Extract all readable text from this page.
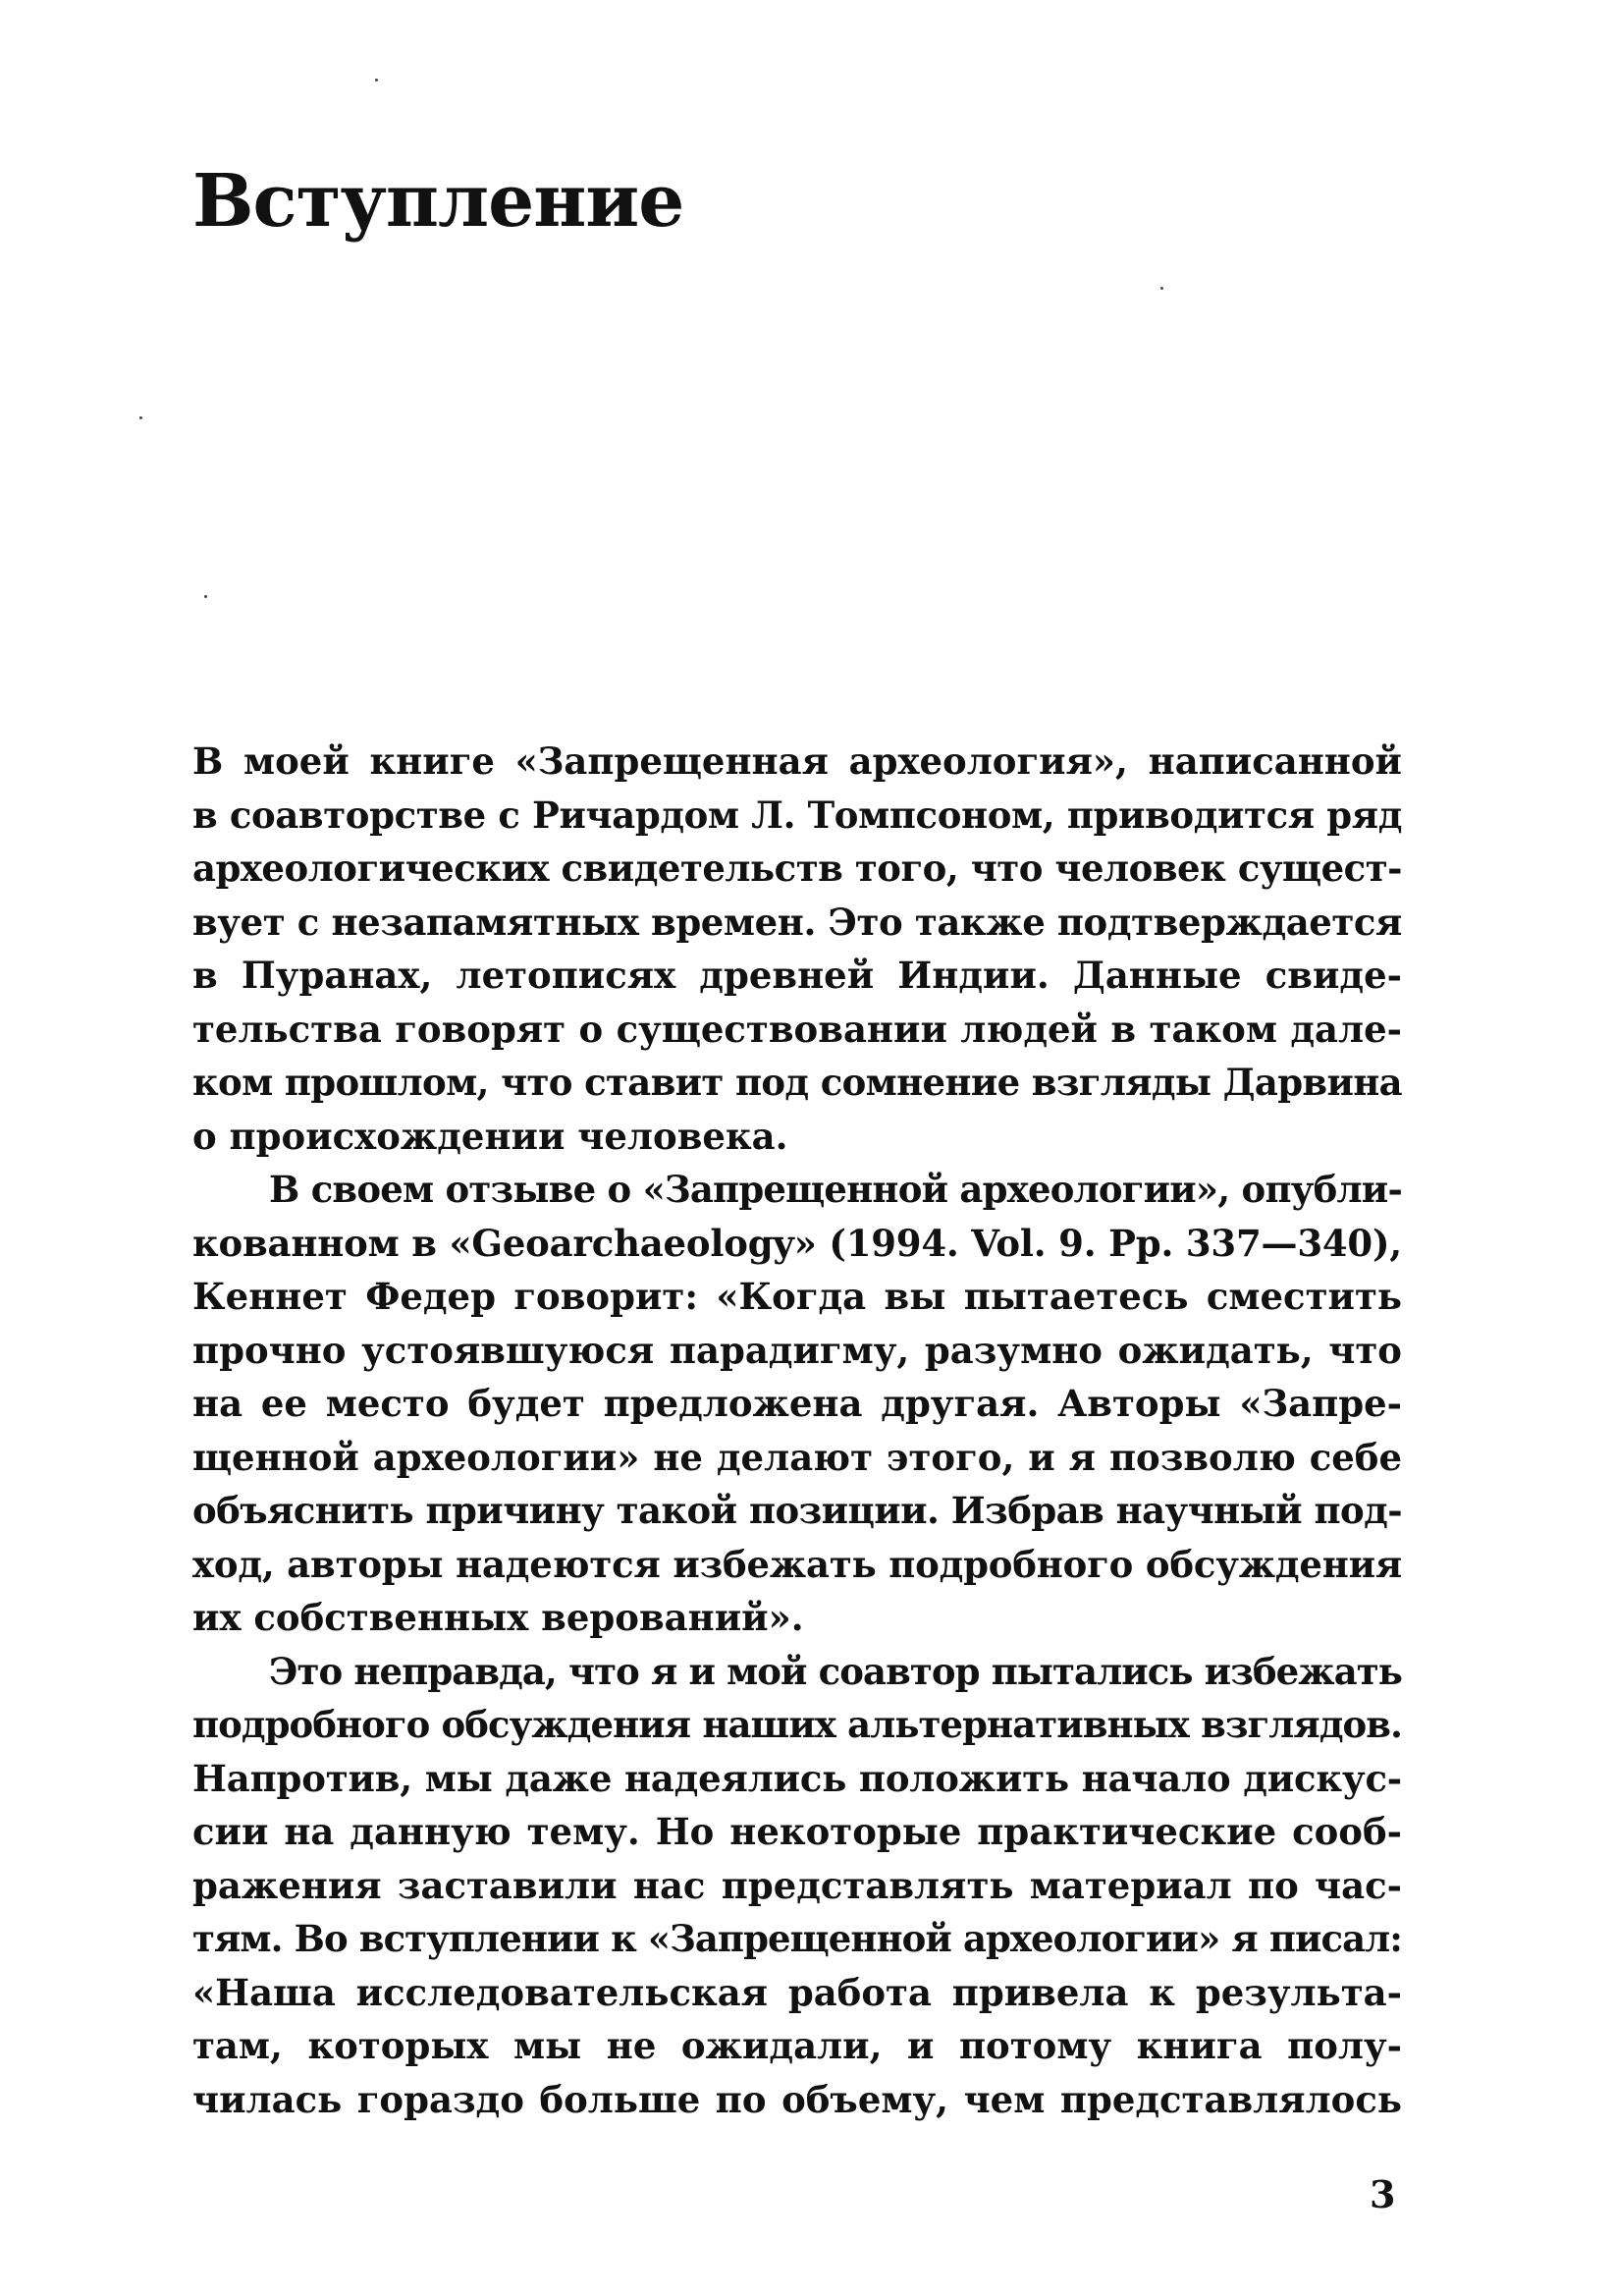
Вступление

В моей книге «Запрещенная археология», написанной
в соавторстве с Ричардом Л. Томпсоном, приводится ряд
археологических свидетельств того, что человек сущест-
вует с незапамятных времен. Это также подтверждается
в Пуранах, летописях древней Индии. Данные свиде-
тельства говорят о существовании людей в таком дале-
ком прошлом, что ставит под сомнение взгляды Дарвина
о происхождении человека.

В своем отзыве о «Запрещенной археологии», опубли-
кованном в «Geoarchaeology» (1994. Vol. 9. Pp. 337—340),
Кеннет Федер говорит: «Когда вы пытаетесь сместить
прочно устоявшуюся парадигму, разумно ожидать, что
на ее место будет предложена другая. Авторы «Запре-
щенной археологии» не делают этого, и я позволю себе
объяснить причину такой позиции. Избрав научный под-
ход, авторы надеются избежать подробного обсуждения
их собственных верований».

Это неправда, что я и мой соавтор пытались избежать
подробного обсуждения наших альтернативных взглядов.
Напротив, мы даже надеялись положить начало дискус-
сии на данную тему. Но некоторые практические сооб-
ражения заставили нас представлять материал по час-
тям. Во вступлении к «Запрещенной археологии» я писал:
«Наша исследовательская работа привела к результа-
там, которых мы не ожидали, и потому книга полу-
чилась гораздо больше по объему, чем представлялось

3
